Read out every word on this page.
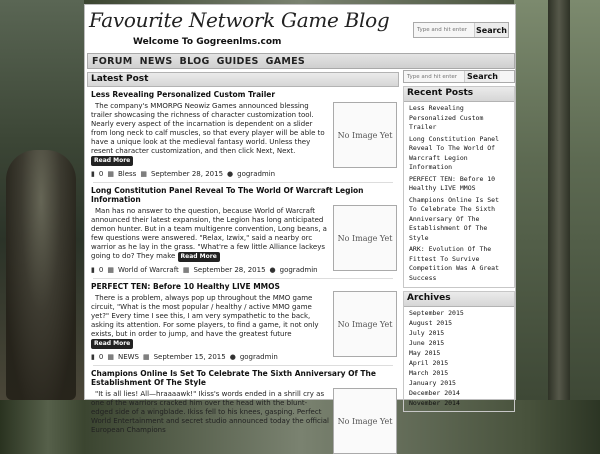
Favourite Network Game Blog
Welcome To Gogreenlms.com
Type and hit enter
Search
FORUM NEWS BLOG GUIDES GAMES
Latest Post
Less Revealing Personalized Custom Trailer
No Image Yet
The company's MMORPG Neowiz Games announced blessing trailer showcasing the richness of character customization tool. Nearly every aspect of the incarnation is dependent on a slider from long neck to calf muscles, so that every player will be able to have a unique look at the medieval fantasy world. Unless they resent character customization, and then click Next, Next. Read More
▮ 0 ▦ Bless ▦ September 28, 2015 ● gogradmin
Long Constitution Panel Reveal To The World Of Warcraft Legion Information
No Image Yet
Man has no answer to the question, because World of Warcraft announced their latest expansion, the Legion has long anticipated demon hunter. But in a team multigenre convention, Long beans, a few questions were answered. "Relax, Izwix," said a nearby orc warrior as he lay in the grass. "What're a few little Alliance lackeys going to do? They make Read More
▮ 0 ▦ World of Warcraft ▦ September 28, 2015 ● gogradmin
PERFECT TEN: Before 10 Healthy LIVE MMOS
No Image Yet
There is a problem, always pop up throughout the MMO game circuit, "What is the most popular / healthy / active MMO game yet?" Every time I see this, I am very sympathetic to the back, asking its attention. For some players, to find a game, it not only exists, but in order to jump, and have the greatest future Read More
▮ 0 ▦ NEWS ▦ September 15, 2015 ● gogradmin
Champions Online Is Set To Celebrate The Sixth Anniversary Of The Establishment Of The Style
No Image Yet
"It is all lies! All—hraaaawk!" Ikiss's words ended in a shrill cry as one of the warriors cracked him over the head with the blunt-edged side of a wingblade. Ikiss fell to his knees, gasping. Perfect World Entertainment and secret studio announced today the official European Champions
Type and hit enter
Search
Recent Posts
Less Revealing Personalized Custom Trailer
Long Constitution Panel Reveal To The World Of Warcraft Legion Information
PERFECT TEN: Before 10 Healthy LIVE MMOS
Champions Online Is Set To Celebrate The Sixth Anniversary Of The Establishment Of The Style
ARK: Evolution Of The Fittest To Survive Competition Was A Great Success
Archives
September 2015
August 2015
July 2015
June 2015
May 2015
April 2015
March 2015
January 2015
December 2014
November 2014
